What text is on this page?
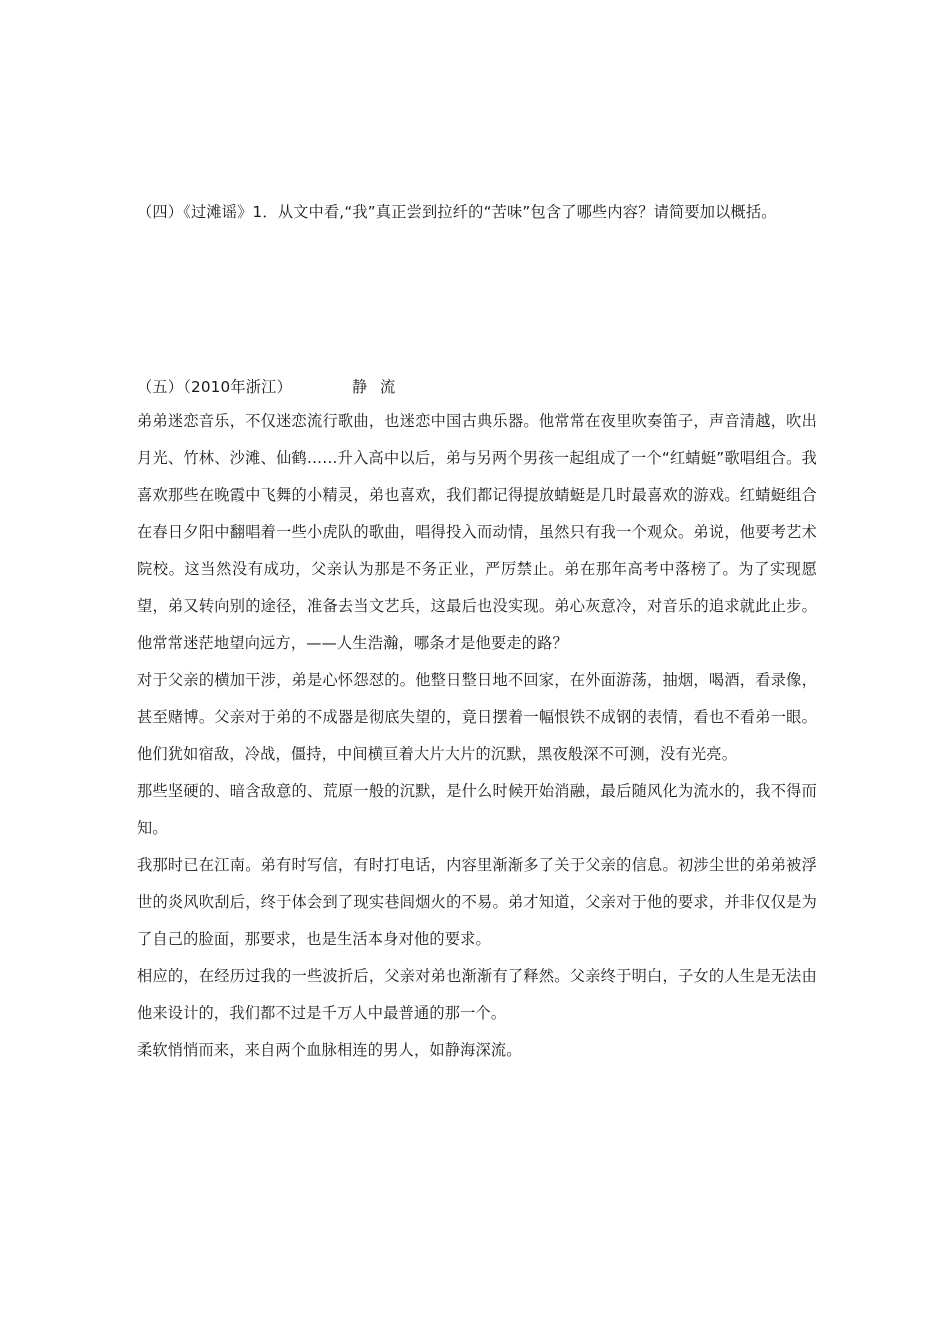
（四）《过滩谣》1．从文中看,“我”真正尝到拉纤的“苦味”包含了哪些内容？请简要加以概括。

（五）（2010年浙江）	静 流

弟弟迷恋音乐，不仅迷恋流行歌曲，也迷恋中国古典乐器。他常常在夜里吹奏笛子，声音清越，吹出月光、竹林、沙滩、仙鹤……升入高中以后，弟与另两个男孩一起组成了一个“红蜻蜓”歌唱组合。我喜欢那些在晚霞中飞舞的小精灵，弟也喜欢，我们都记得提放蜻蜓是几时最喜欢的游戏。红蜻蜓组合在春日夕阳中翻唱着一些小虎队的歌曲，唱得投入而动情，虽然只有我一个观众。弟说，他要考艺术院校。这当然没有成功，父亲认为那是不务正业，严厉禁止。弟在那年高考中落榜了。为了实现愿望，弟又转向别的途径，准备去当文艺兵，这最后也没实现。弟心灰意冷，对音乐的追求就此止步。他常常迷茫地望向远方，——人生浩瀚，哪条才是他要走的路？

对于父亲的横加干涉，弟是心怀怨怼的。他整日整日地不回家，在外面游荡，抽烟，喝酒，看录像，甚至赌博。父亲对于弟的不成器是彻底失望的，竟日摆着一幅恨铁不成钢的表情，看也不看弟一眼。他们犹如宿敌，冷战，僵持，中间横亘着大片大片的沉默，黑夜般深不可测，没有光亮。

那些坚硬的、暗含敌意的、荒原一般的沉默，是什么时候开始消融，最后随风化为流水的，我不得而知。

我那时已在江南。弟有时写信，有时打电话，内容里渐渐多了关于父亲的信息。初涉尘世的弟弟被浮世的炎风吹刮后，终于体会到了现实巷闾烟火的不易。弟才知道，父亲对于他的要求，并非仅仅是为了自己的脸面，那要求，也是生活本身对他的要求。

相应的，在经历过我的一些波折后，父亲对弟也渐渐有了释然。父亲终于明白，子女的人生是无法由他来设计的，我们都不过是千万人中最普通的那一个。

柔软悄悄而来，来自两个血脉相连的男人，如静海深流。
